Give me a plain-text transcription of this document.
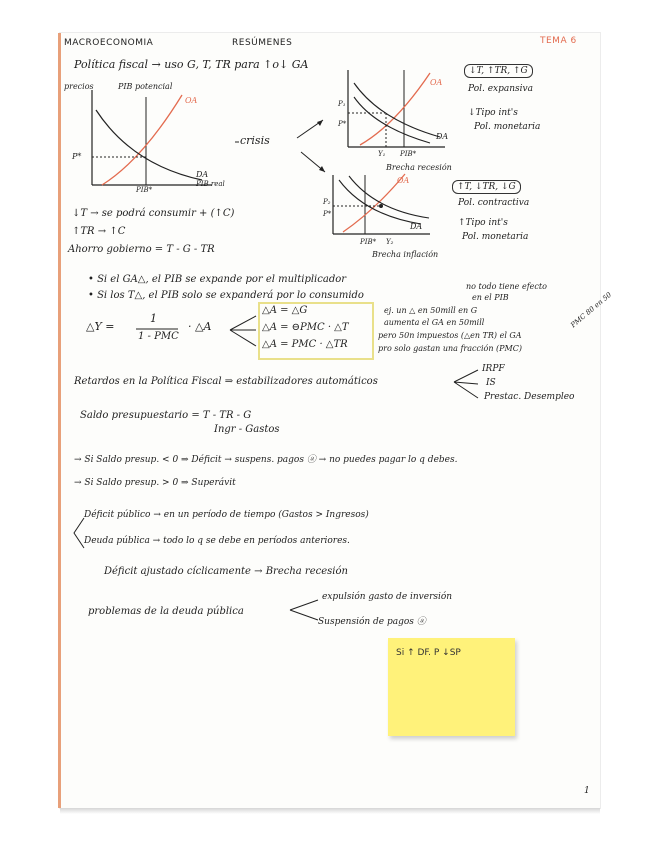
MACROECONOMIA	RESÚMENES	TEMA 6
Política fiscal → uso G, T, TR para ↑o↓ GA
precios	PIB potencial
OA
DA
PIB real
P*
PIB*
crisis
OA
DA
P₁
P*
Y₁ PIB*
Brecha recesión
OA
DA
P₂
P*
PIB* Y₂
Brecha inflación
↓T, ↑TR, ↑G
Pol. expansiva
↓Tipo int's
Pol. monetaria
↑T, ↓TR, ↓G
Pol. contractiva
↑Tipo int's
Pol. monetaria
↓T → se podrá consumir + (↑C)
↑TR → ↑C
Ahorro gobierno = T - G - TR
• Si el GA△, el PIB se expande por el multiplicador
• Si los T△, el PIB solo se expanderá por lo consumido
no todo tiene efecto
en el PIB
△Y =
1
1 - PMC
· △A
△A = △G
△A = ⊖PMC · △T
△A = PMC · △TR
ej. un △ en 50mill en G
aumenta el GA en 50mill
pero 50n impuestos (△en TR) el GA
pro solo gastan una fracción (PMC)
PMC 80 en 50
Retardos en la Política Fiscal ⇒ estabilizadores automáticos
IRPF
IS
Prestac. Desempleo
Saldo presupuestario = T - TR - G
Ingr - Gastos
→ Si Saldo presup. < 0 ⇒ Déficit → suspens. pagos ⓐ → no puedes pagar lo q debes.
→ Si Saldo presup. > 0 ⇒ Superávit
Déficit público → en un período de tiempo (Gastos > Ingresos)
Deuda pública → todo lo q se debe en períodos anteriores.
Déficit ajustado cíclicamente → Brecha recesión
problemas de la deuda pública
expulsión gasto de inversión
Suspensión de pagos ⓐ
Si ↑ DF. P ↓SP
1
